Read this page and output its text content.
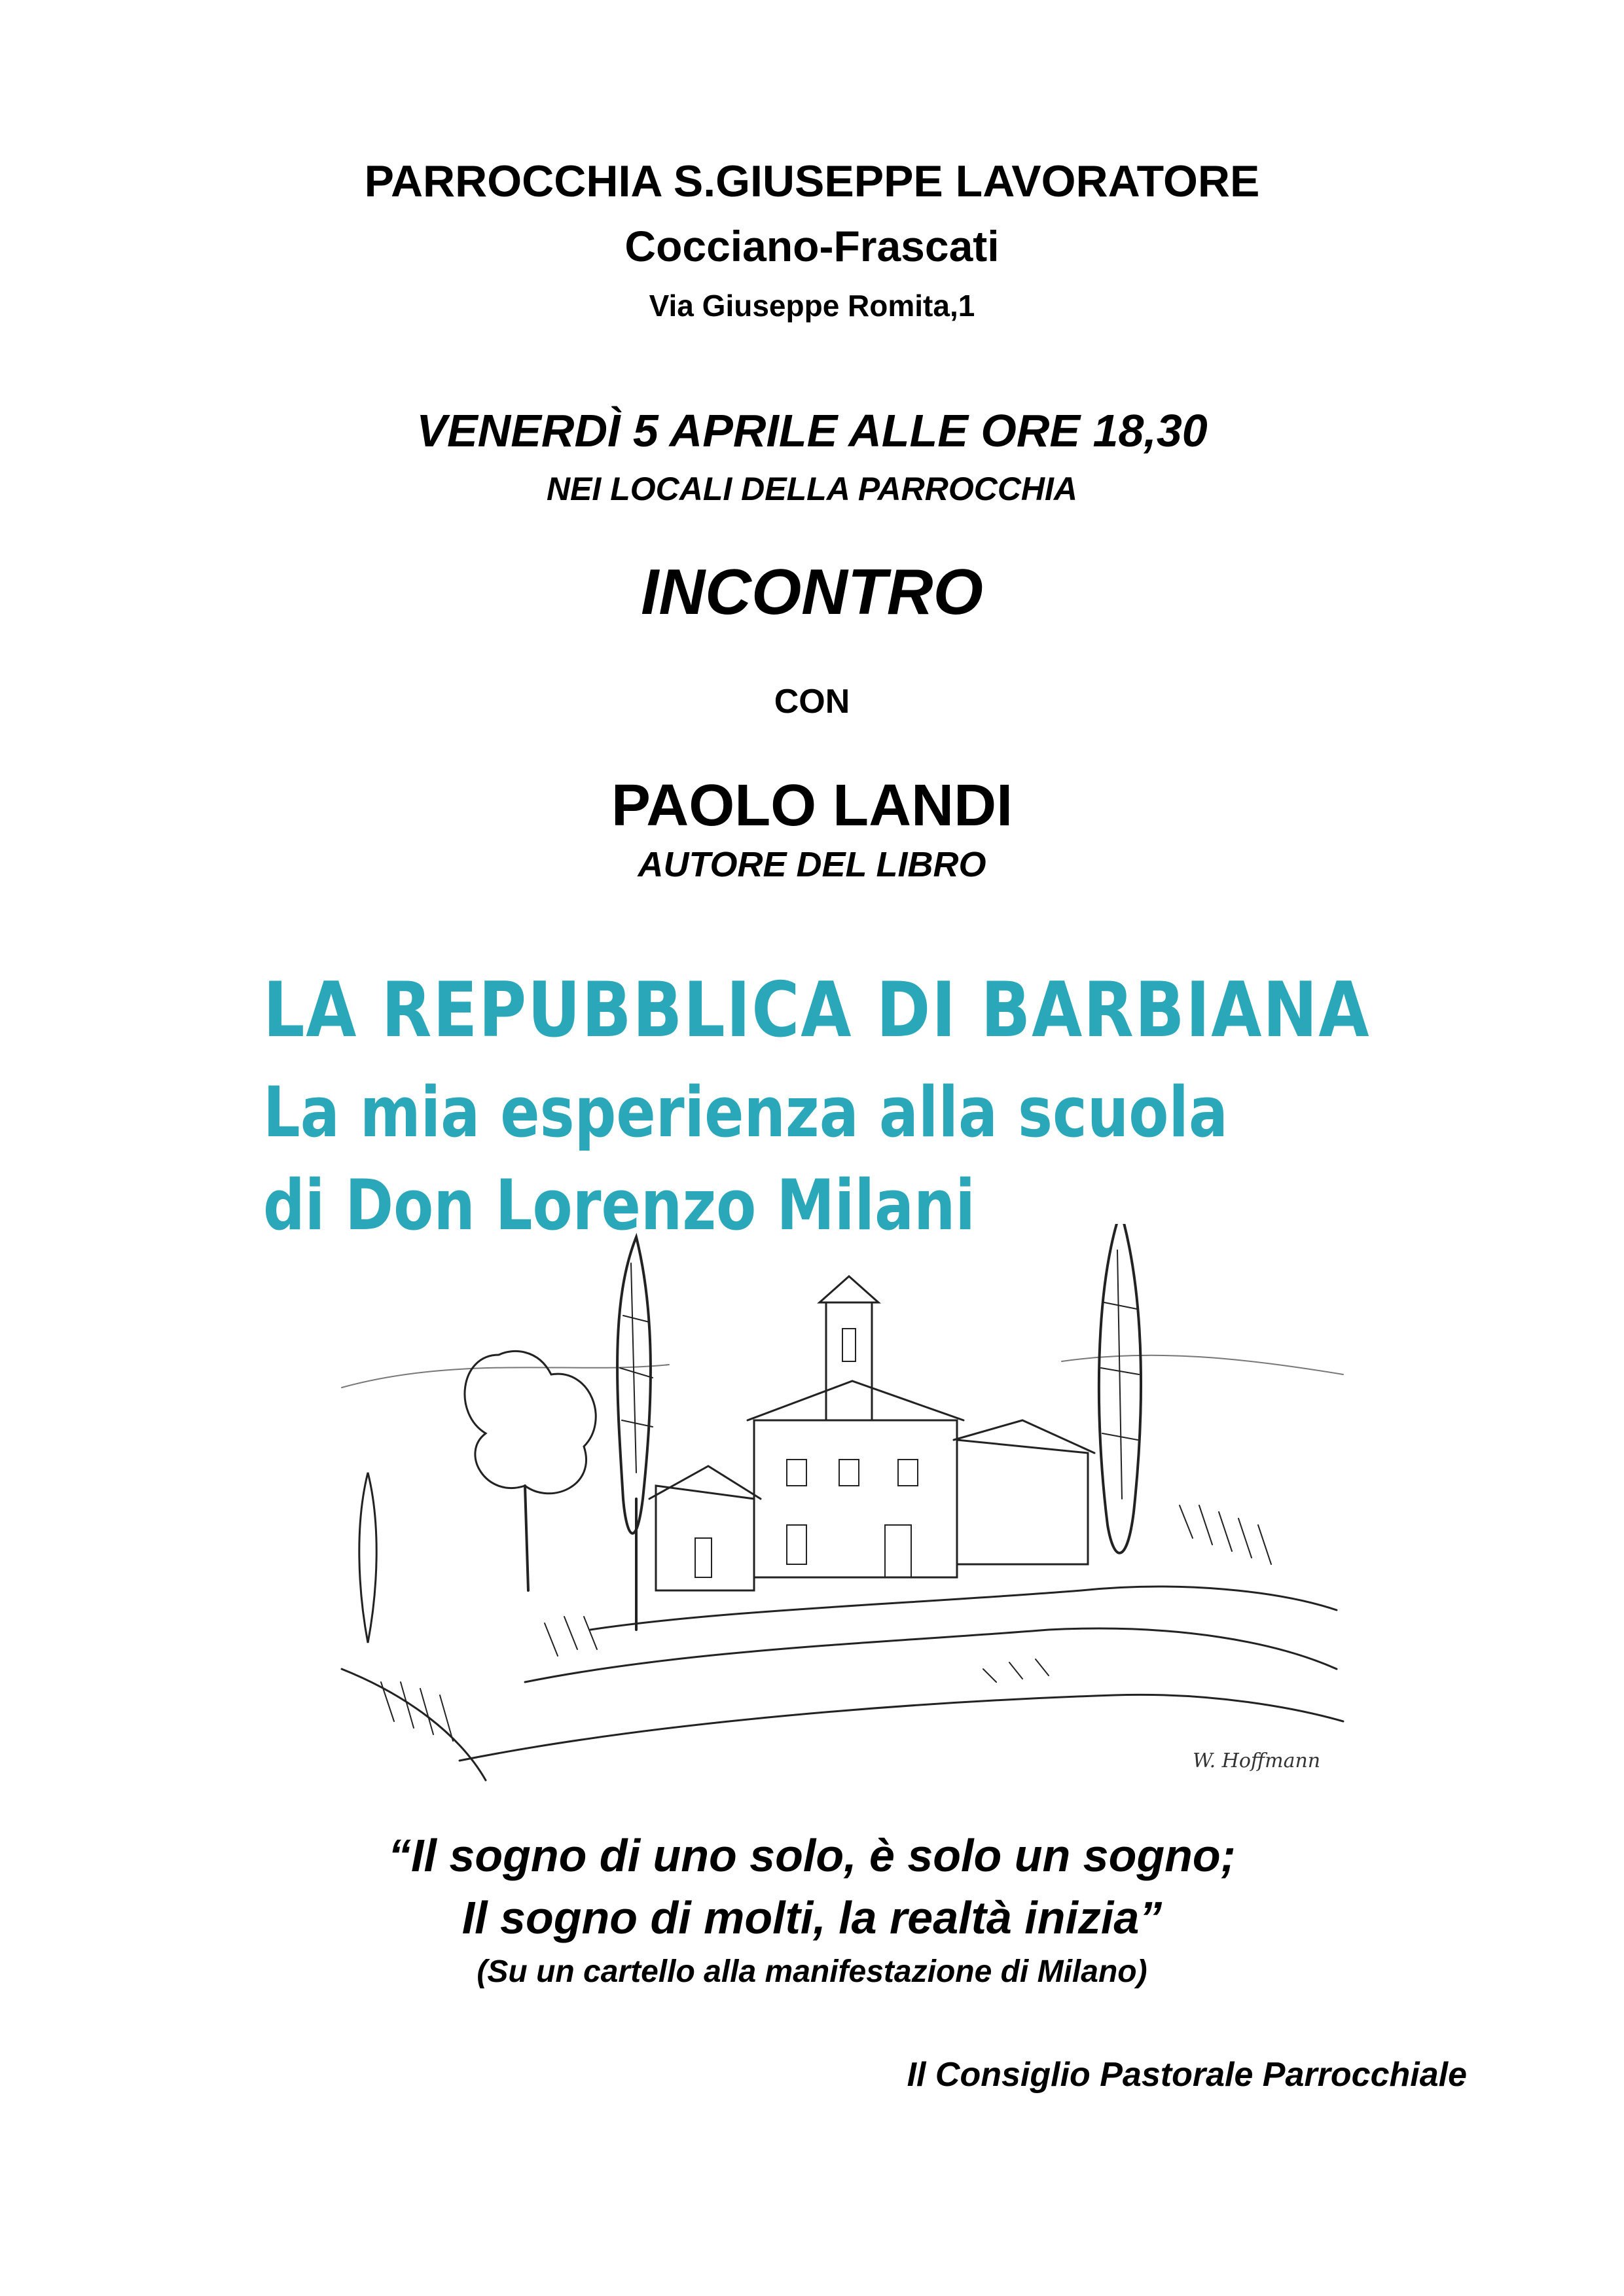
PARROCCHIA S.GIUSEPPE LAVORATORE
Cocciano-Frascati
Via Giuseppe Romita,1
VENERDÌ 5 APRILE ALLE ORE 18,30
NEI LOCALI DELLA PARROCCHIA
INCONTRO
CON
PAOLO LANDI
AUTORE DEL LIBRO
LA REPUBBLICA DI BARBIANA
La mia esperienza alla scuola
di Don Lorenzo Milani
W. Hoffmann
“Il sogno di uno solo, è solo un sogno;
Il sogno di molti, la realtà inizia”
(Su un cartello alla manifestazione di Milano)
Il Consiglio Pastorale Parrocchiale
